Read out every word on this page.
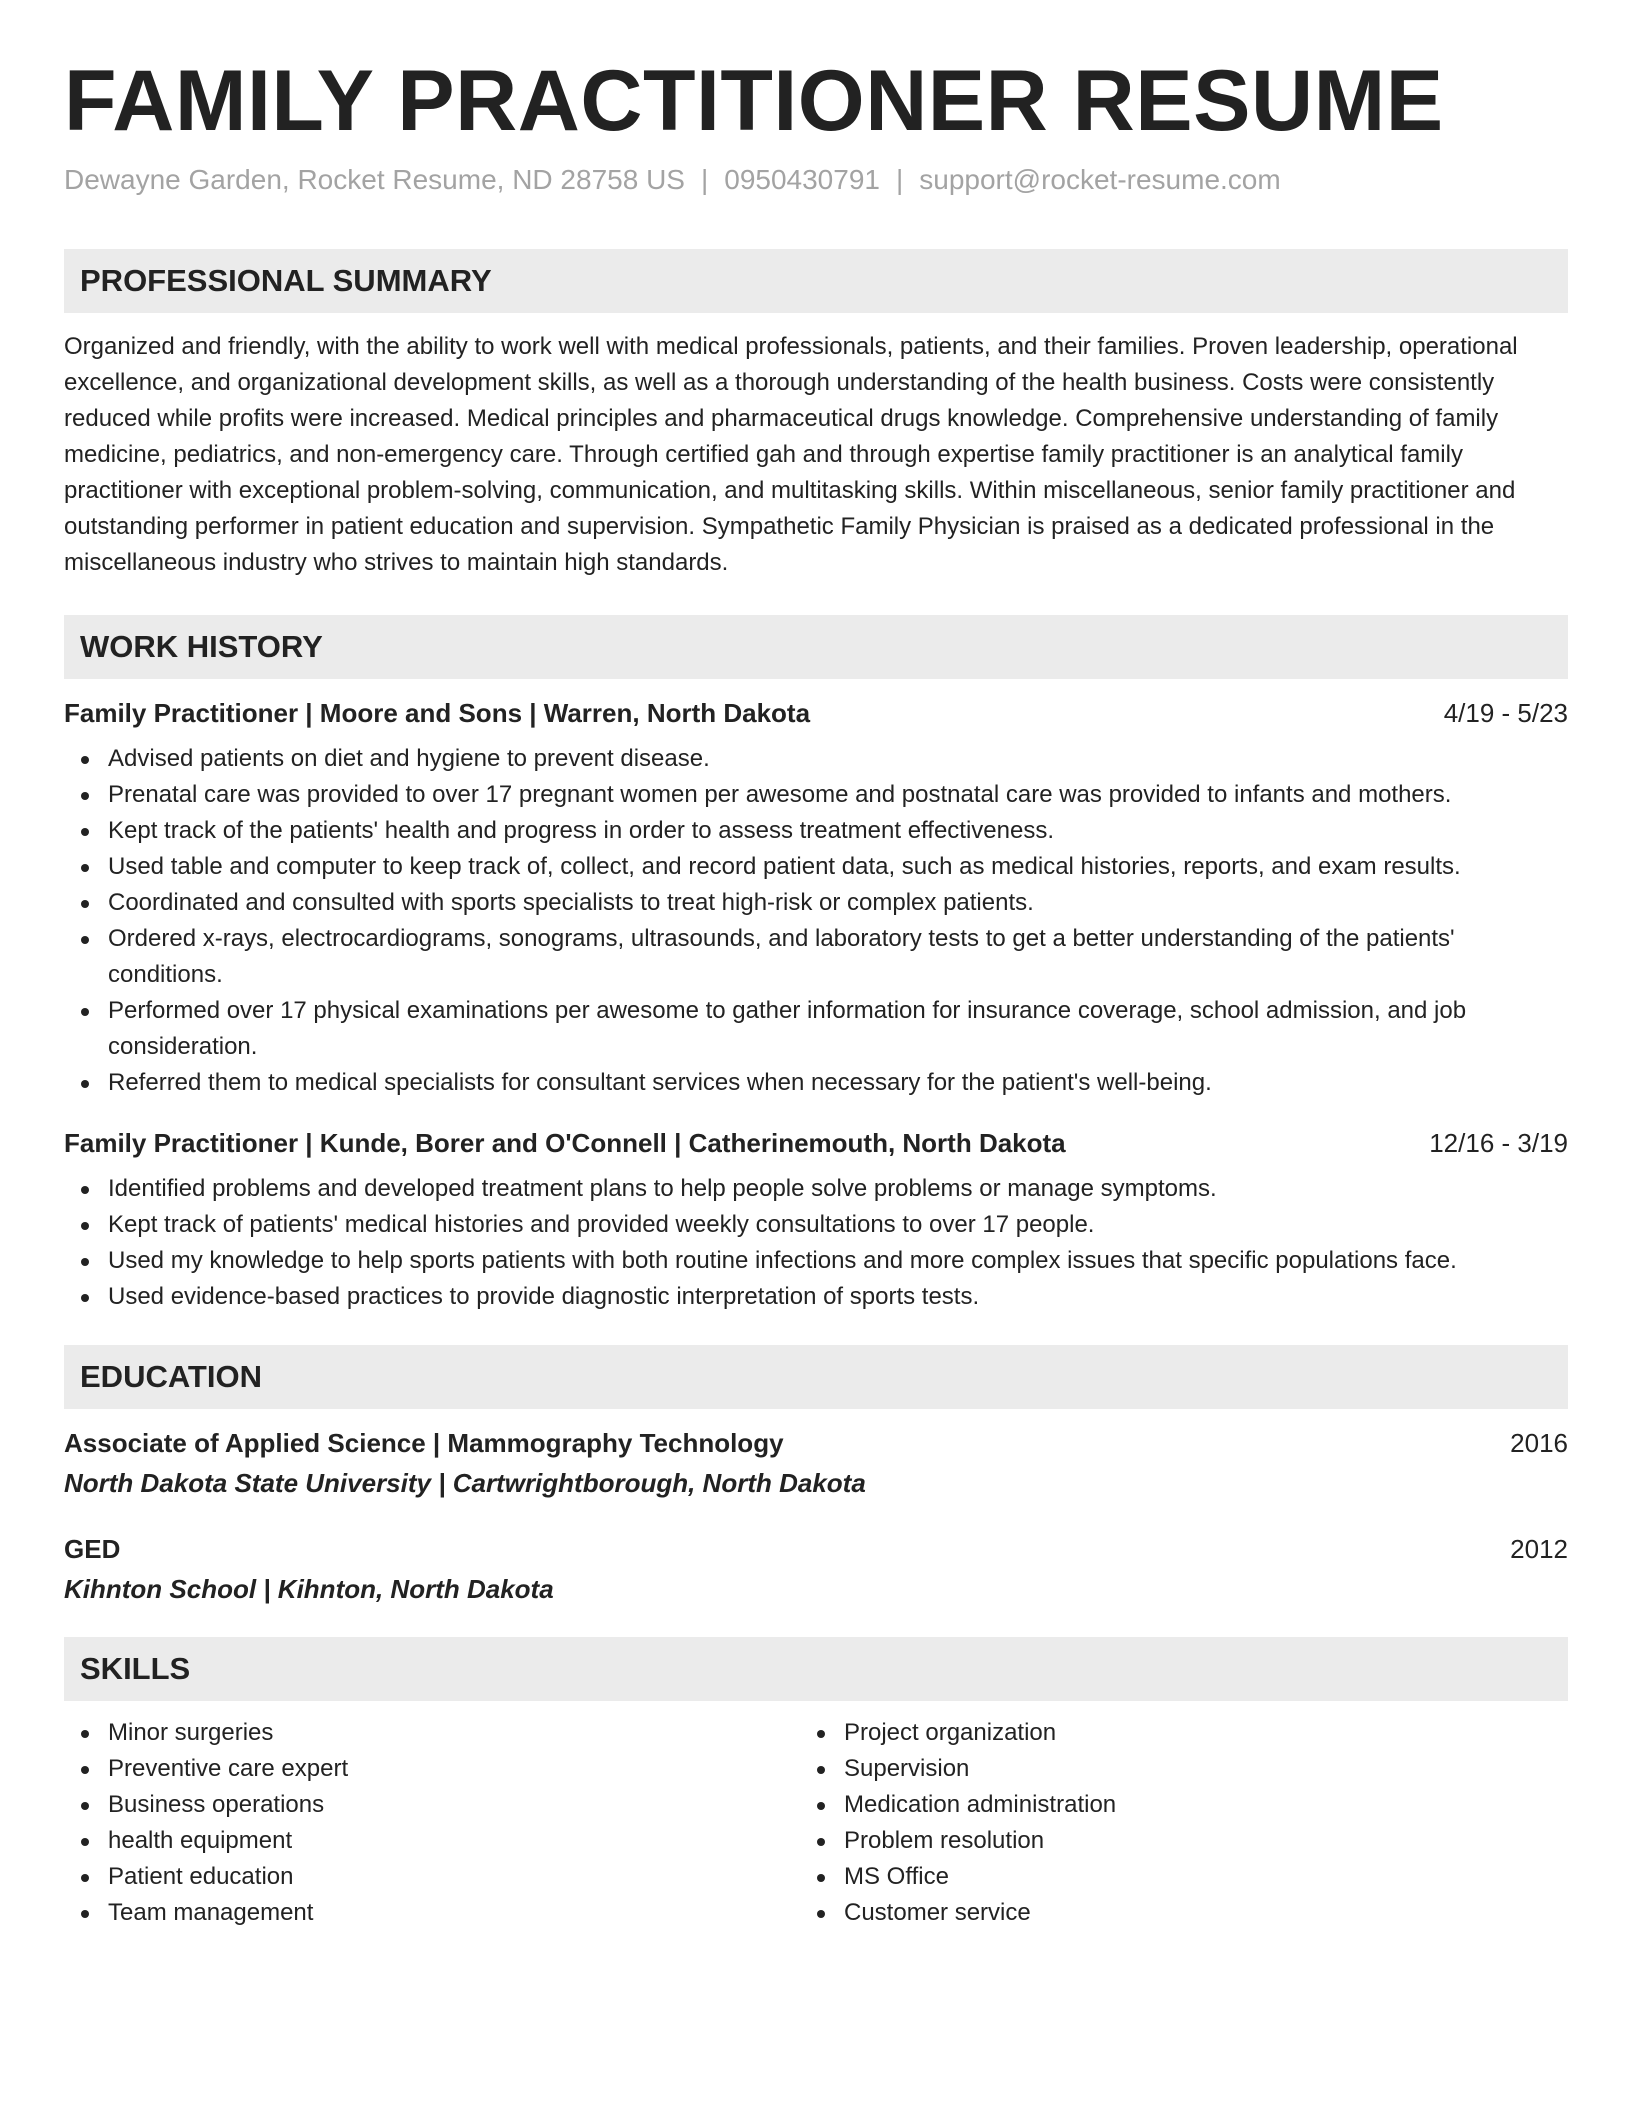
FAMILY PRACTITIONER RESUME
Dewayne Garden, Rocket Resume, ND 28758 US | 0950430791 | support@rocket-resume.com
PROFESSIONAL SUMMARY
Organized and friendly, with the ability to work well with medical professionals, patients, and their families. Proven leadership, operational excellence, and organizational development skills, as well as a thorough understanding of the health business. Costs were consistently reduced while profits were increased. Medical principles and pharmaceutical drugs knowledge. Comprehensive understanding of family medicine, pediatrics, and non-emergency care. Through certified gah and through expertise family practitioner is an analytical family practitioner with exceptional problem-solving, communication, and multitasking skills. Within miscellaneous, senior family practitioner and outstanding performer in patient education and supervision. Sympathetic Family Physician is praised as a dedicated professional in the miscellaneous industry who strives to maintain high standards.
WORK HISTORY
Family Practitioner | Moore and Sons | Warren, North Dakota	4/19 - 5/23
Advised patients on diet and hygiene to prevent disease.
Prenatal care was provided to over 17 pregnant women per awesome and postnatal care was provided to infants and mothers.
Kept track of the patients' health and progress in order to assess treatment effectiveness.
Used table and computer to keep track of, collect, and record patient data, such as medical histories, reports, and exam results.
Coordinated and consulted with sports specialists to treat high-risk or complex patients.
Ordered x-rays, electrocardiograms, sonograms, ultrasounds, and laboratory tests to get a better understanding of the patients' conditions.
Performed over 17 physical examinations per awesome to gather information for insurance coverage, school admission, and job consideration.
Referred them to medical specialists for consultant services when necessary for the patient's well-being.
Family Practitioner | Kunde, Borer and O'Connell | Catherinemouth, North Dakota	12/16 - 3/19
Identified problems and developed treatment plans to help people solve problems or manage symptoms.
Kept track of patients' medical histories and provided weekly consultations to over 17 people.
Used my knowledge to help sports patients with both routine infections and more complex issues that specific populations face.
Used evidence-based practices to provide diagnostic interpretation of sports tests.
EDUCATION
Associate of Applied Science | Mammography Technology	2016
North Dakota State University | Cartwrightborough, North Dakota
GED	2012
Kihnton School | Kihnton, North Dakota
SKILLS
Minor surgeries
Preventive care expert
Business operations
health equipment
Patient education
Team management
Project organization
Supervision
Medication administration
Problem resolution
MS Office
Customer service
